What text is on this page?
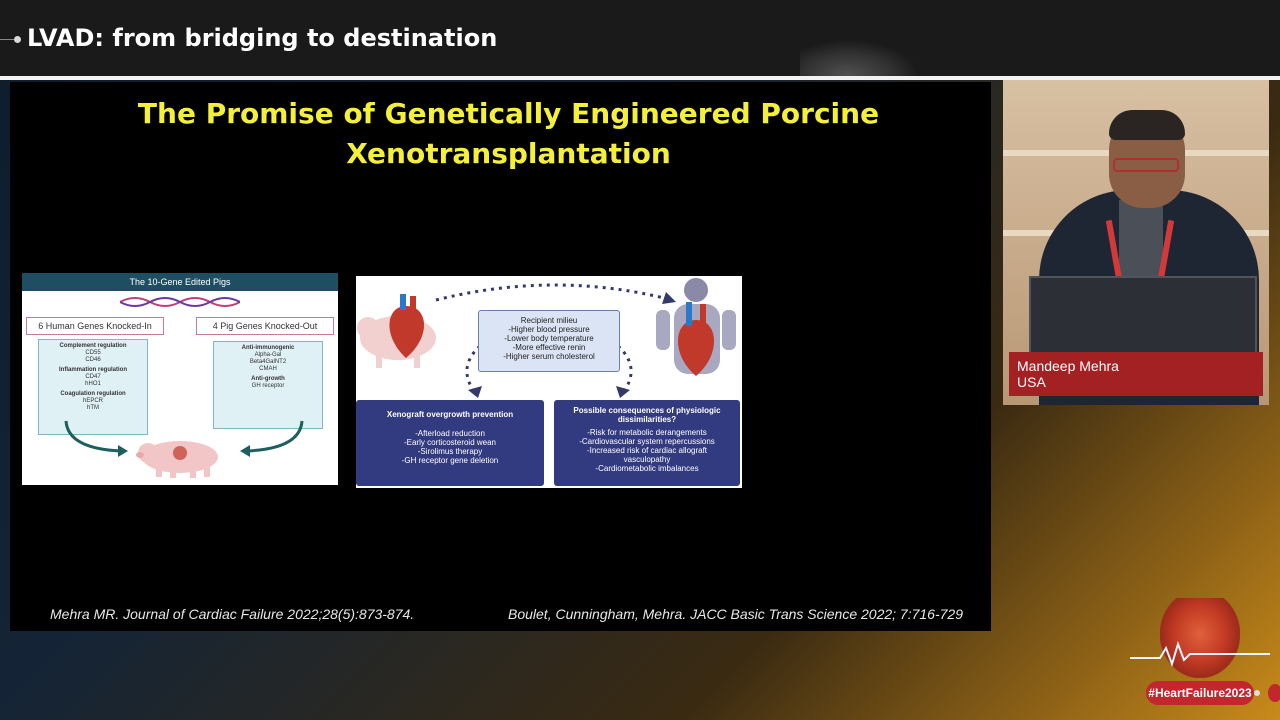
LVAD: from bridging to destination
The Promise of Genetically Engineered Porcine
Xenotransplantation
The 10-Gene Edited Pigs
6 Human Genes Knocked-In	4 Pig Genes Knocked-Out
Complement regulation
CD55
CD46
Inflammation regulation
CD47
hHO1
Coagulation regulation
hEPCR
hTM
Anti-immunogenic
Alpha-Gal
Beta4GalNT2
CMAH
Anti-growth
GH receptor
Recipient milieu
-Higher blood pressure
-Lower body temperature
-More effective renin
-Higher serum cholesterol
Xenograft overgrowth prevention
-Afterload reduction
-Early corticosteroid wean
-Sirolimus therapy
-GH receptor gene deletion
Possible consequences of physiologic
dissimilarities?
-Risk for metabolic derangements
-Cardiovascular system repercussions
-Increased risk of cardiac allograft
vasculopathy
-Cardiometabolic imbalances
Mehra MR. Journal of Cardiac Failure 2022;28(5):873-874.	Boulet, Cunningham, Mehra. JACC Basic Trans Science 2022; 7:716-729
Mandeep Mehra
USA
#HeartFailure2023
